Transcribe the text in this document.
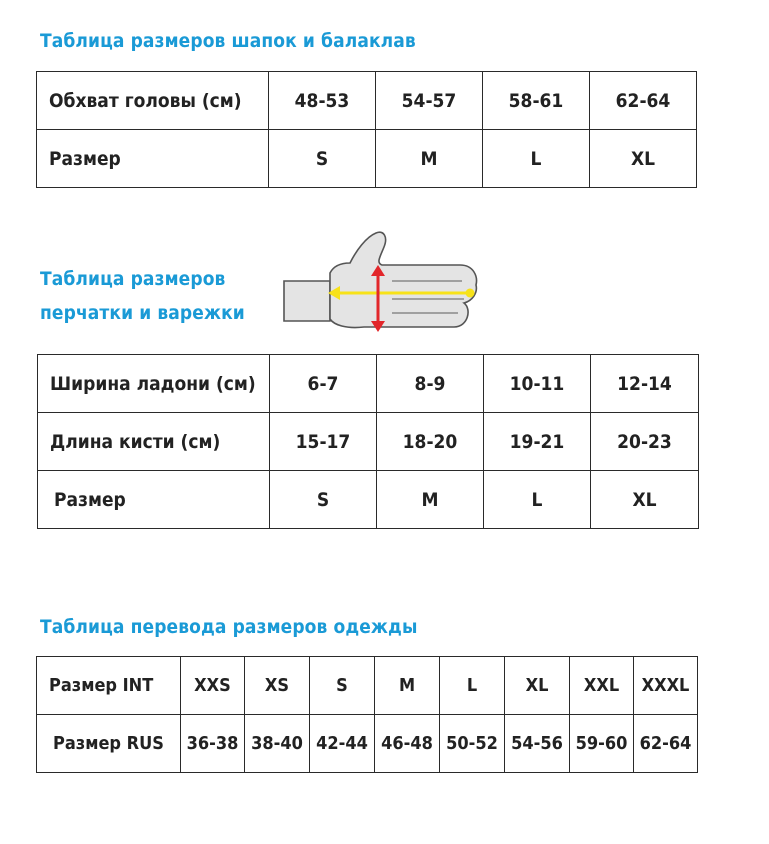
Таблица размеров шапок и балаклав
Обхват головы (см)	48-53	54-57	58-61	62-64
Размер	S	M	L	XL
Таблица размеров
перчатки и варежки
Ширина ладони (см)	6-7	8-9	10-11	12-14
Длина кисти (см)	15-17	18-20	19-21	20-23
Размер	S	M	L	XL
Таблица перевода размеров одежды
Размер INT	XXS	XS	S	M	L	XL	XXL	XXXL
Размер RUS	36-38	38-40	42-44	46-48	50-52	54-56	59-60	62-64
